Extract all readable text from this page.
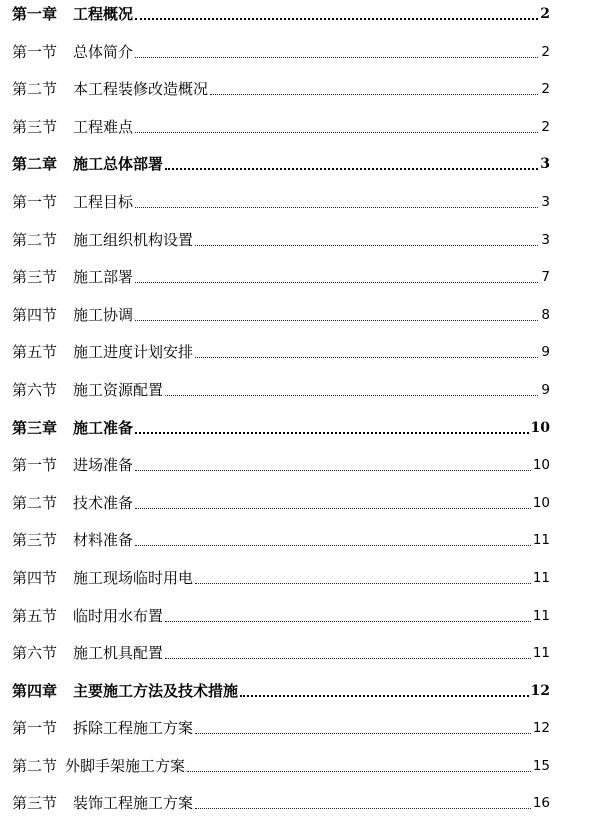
第一章	工程概况	2
第一节	总体简介	2
第二节	本工程装修改造概况	2
第三节	工程难点	2
第二章	施工总体部署	3
第一节	工程目标	3
第二节	施工组织机构设置	3
第三节	施工部署	7
第四节	施工协调	8
第五节	施工进度计划安排	9
第六节	施工资源配置	9
第三章	施工准备	10
第一节	进场准备	10
第二节	技术准备	10
第三节	材料准备	11
第四节	施工现场临时用电	11
第五节	临时用水布置	11
第六节	施工机具配置	11
第四章	主要施工方法及技术措施	12
第一节	拆除工程施工方案	12
第二节 外脚手架施工方案	15
第三节	装饰工程施工方案	16
